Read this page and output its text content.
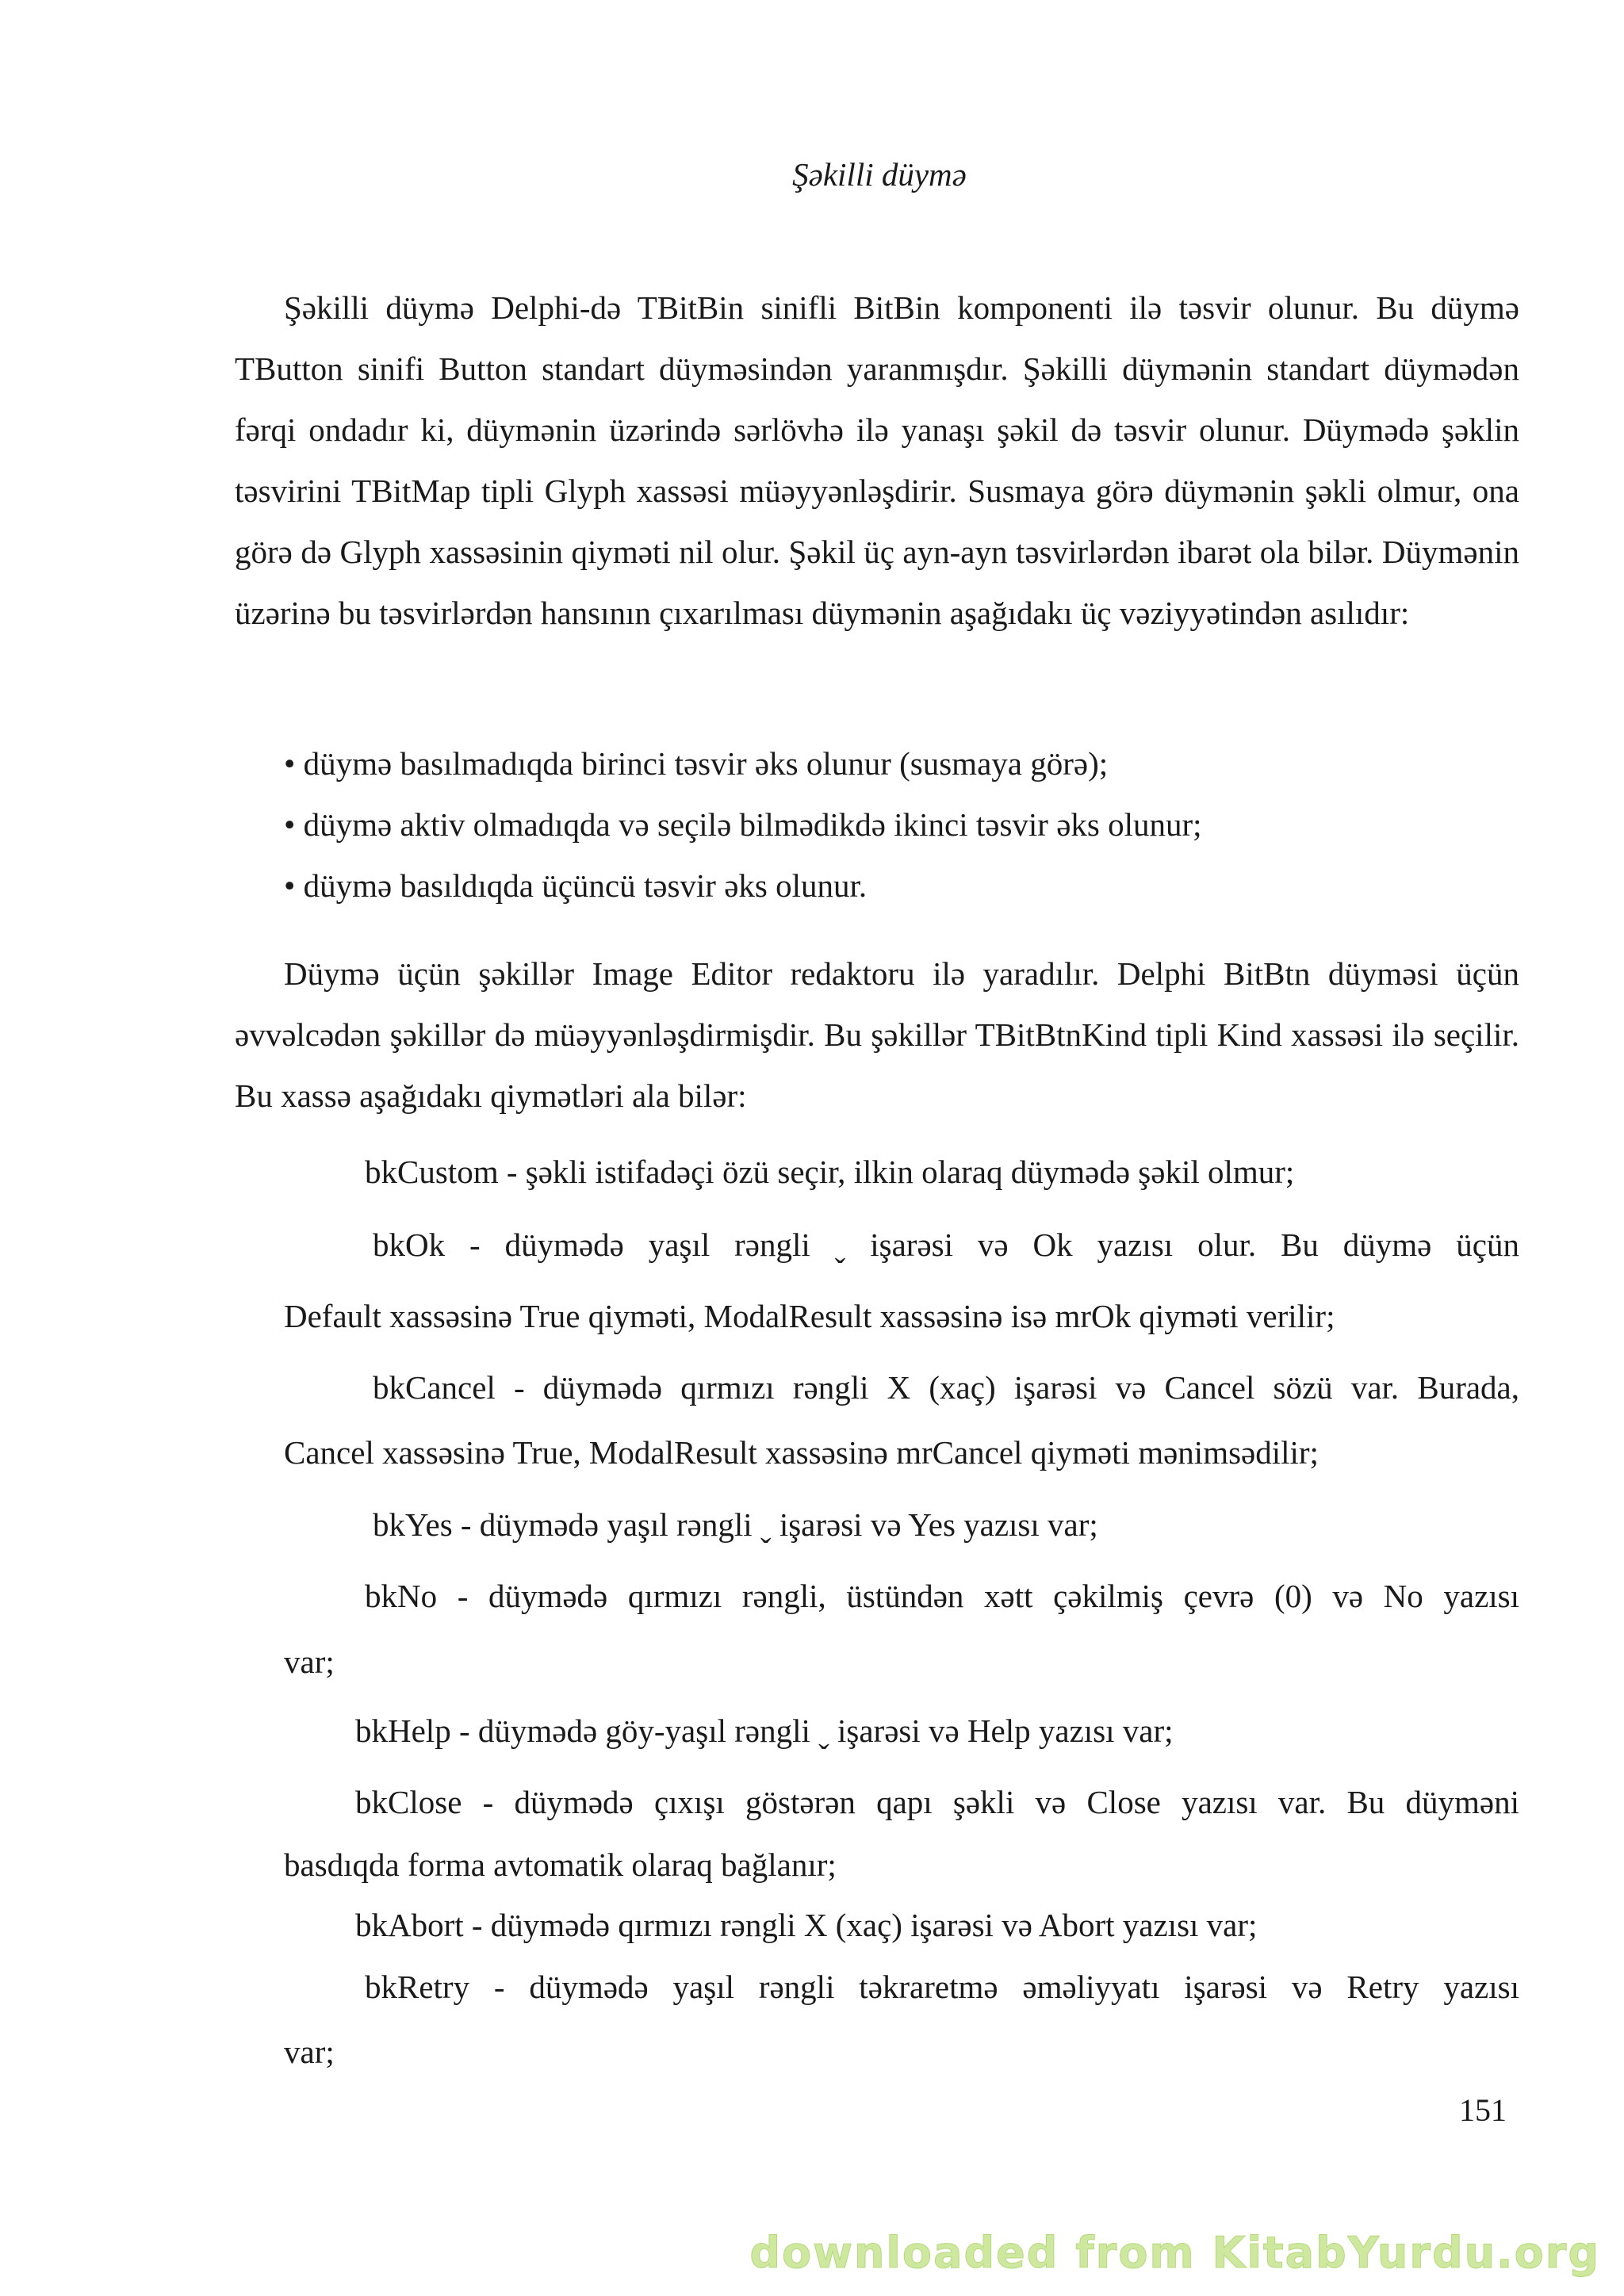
Şəkilli düymə

Şəkilli düymə Delphi-də TBitBin sinifli BitBin komponenti ilə təsvir olunur. Bu düymə TButton sinifi Button standart düyməsindən yaranmışdır. Şəkilli düymənin standart düymədən fərqi ondadır ki, düymənin üzərində sərlövhə ilə yanaşı şəkil də təsvir olunur. Düymədə şəklin təsvirini TBitMap tipli Glyph xassəsi müəyyənləşdirir. Susmaya görə düymənin şəkli olmur, ona görə də Glyph xassəsinin qiyməti nil olur. Şəkil üç ayn-ayn təsvirlərdən ibarət ola bilər. Düymənin üzərinə bu təsvirlərdən hansının çıxarılması düymənin aşağıdakı üç vəziyyətindən asılıdır:

• düymə basılmadıqda birinci təsvir əks olunur (susmaya görə);
• düymə aktiv olmadıqda və seçilə bilmədikdə ikinci təsvir əks olunur;
• düymə basıldıqda üçüncü təsvir əks olunur.

Düymə üçün şəkillər Image Editor redaktoru ilə yaradılır. Delphi BitBtn düyməsi üçün əvvəlcədən şəkillər də müəyyənləşdirmişdir. Bu şəkillər TBitBtnKind tipli Kind xassəsi ilə seçilir. Bu xassə aşağıdakı qiymətləri ala bilər:

bkCustom - şəkli istifadəçi özü seçir, ilkin olaraq düymədə şəkil olmur;
bkOk - düymədə yaşıl rəngli ˬ işarəsi və Ok yazısı olur. Bu düymə üçün
Default xassəsinə True qiyməti, ModalResult xassəsinə isə mrOk qiyməti verilir;
bkCancel - düymədə qırmızı rəngli X (xaç) işarəsi və Cancel sözü var. Burada,
Cancel xassəsinə True, ModalResult xassəsinə mrCancel qiyməti mənimsədilir;
bkYes - düymədə yaşıl rəngli ˬ işarəsi və Yes yazısı var;
bkNo - düymədə qırmızı rəngli, üstündən xətt çəkilmiş çevrə (0) və No yazısı
var;
bkHelp - düymədə göy-yaşıl rəngli ˬ işarəsi və Help yazısı var;
bkClose - düymədə çıxışı göstərən qapı şəkli və Close yazısı var. Bu düyməni
basdıqda forma avtomatik olaraq bağlanır;
bkAbort - düymədə qırmızı rəngli X (xaç) işarəsi və Abort yazısı var;
bkRetry - düymədə yaşıl rəngli təkraretmə əməliyyatı işarəsi və Retry yazısı
var;
151
downloaded from KitabYurdu.org
